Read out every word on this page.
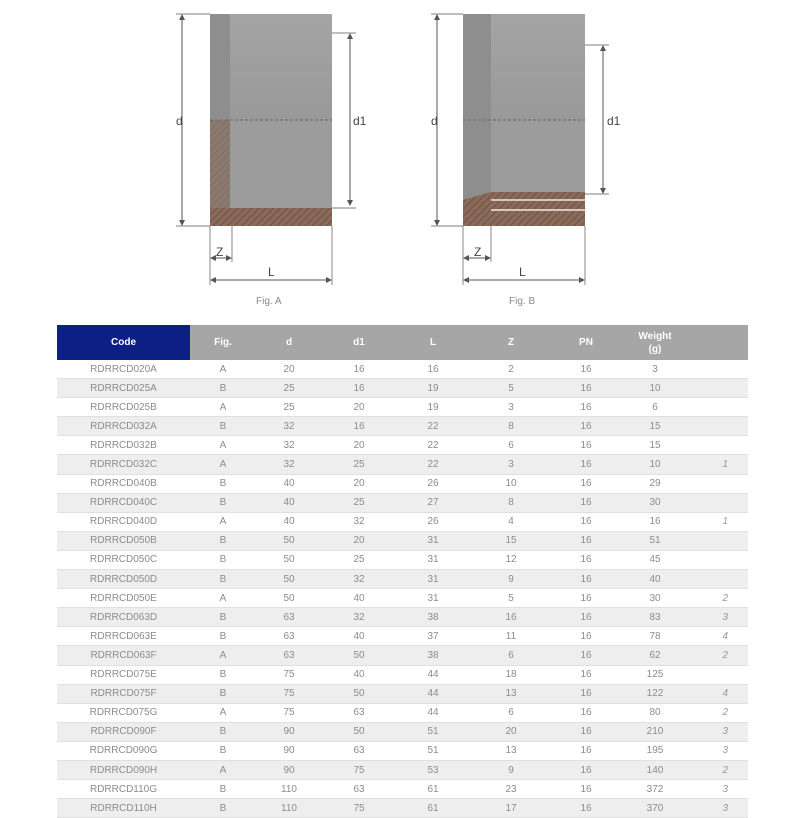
d	d1
Z
L
d	d1
Z
L
Fig. A	Fig. B
Code	Fig.	d	d1	L	Z	PN	Weight
(g)	
RDRRCD020A	A	20	16	16	2	16	3	
RDRRCD025A	B	25	16	19	5	16	10	
RDRRCD025B	A	25	20	19	3	16	6	
RDRRCD032A	B	32	16	22	8	16	15	
RDRRCD032B	A	32	20	22	6	16	15	
RDRRCD032C	A	32	25	22	3	16	10	1
RDRRCD040B	B	40	20	26	10	16	29	
RDRRCD040C	B	40	25	27	8	16	30	
RDRRCD040D	A	40	32	26	4	16	16	1
RDRRCD050B	B	50	20	31	15	16	51	
RDRRCD050C	B	50	25	31	12	16	45	
RDRRCD050D	B	50	32	31	9	16	40	
RDRRCD050E	A	50	40	31	5	16	30	2
RDRRCD063D	B	63	32	38	16	16	83	3
RDRRCD063E	B	63	40	37	11	16	78	4
RDRRCD063F	A	63	50	38	6	16	62	2
RDRRCD075E	B	75	40	44	18	16	125	
RDRRCD075F	B	75	50	44	13	16	122	4
RDRRCD075G	A	75	63	44	6	16	80	2
RDRRCD090F	B	90	50	51	20	16	210	3
RDRRCD090G	B	90	63	51	13	16	195	3
RDRRCD090H	A	90	75	53	9	16	140	2
RDRRCD110G	B	110	63	61	23	16	372	3
RDRRCD110H	B	110	75	61	17	16	370	3
